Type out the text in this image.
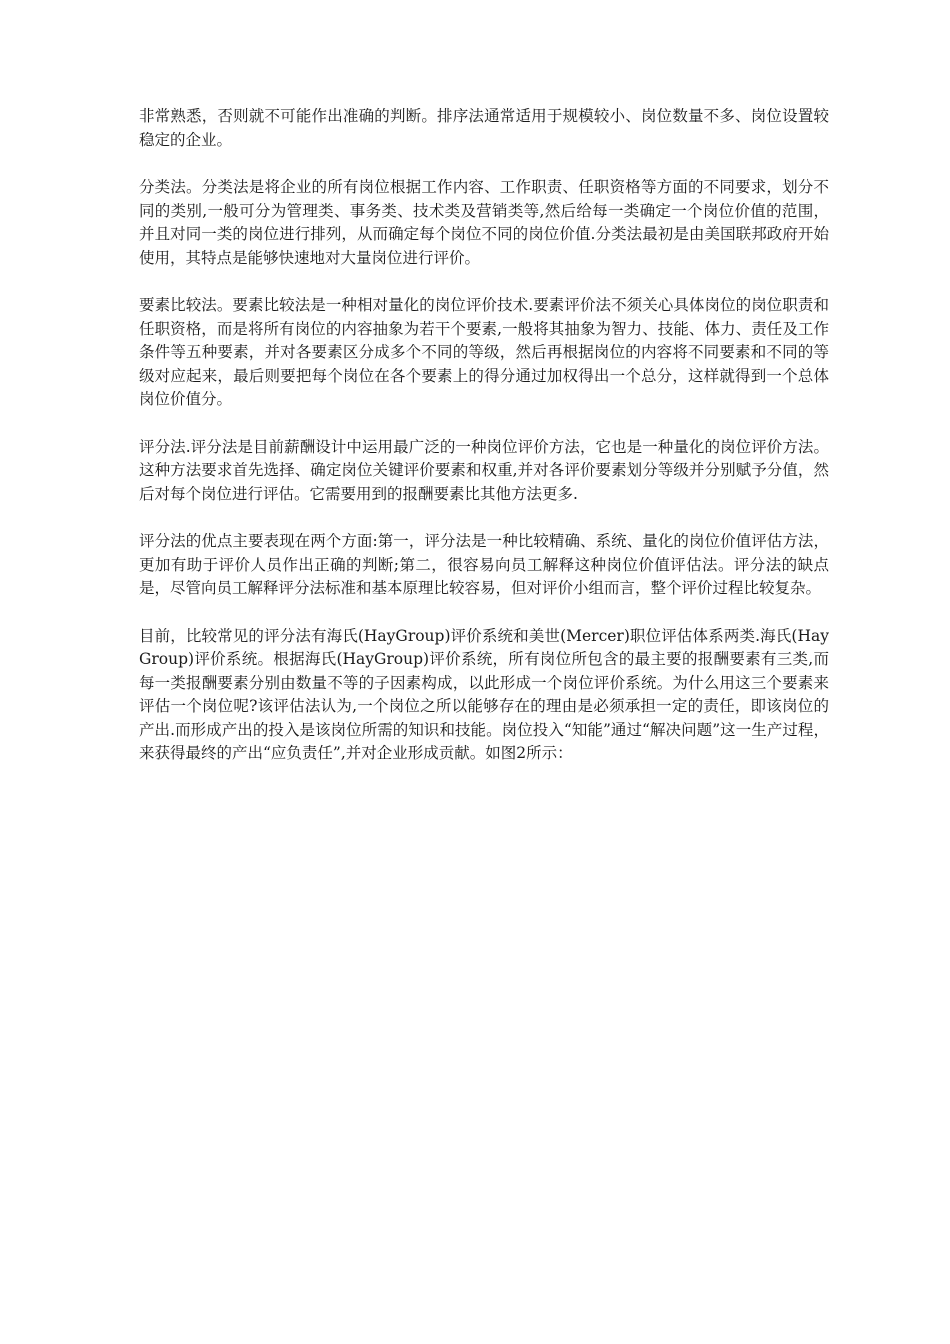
非常熟悉，否则就不可能作出准确的判断。排序法通常适用于规模较小、岗位数量不多、岗位设置较稳定的企业。

分类法。分类法是将企业的所有岗位根据工作内容、工作职责、任职资格等方面的不同要求，划分不同的类别,一般可分为管理类、事务类、技术类及营销类等,然后给每一类确定一个岗位价值的范围，并且对同一类的岗位进行排列，从而确定每个岗位不同的岗位价值.分类法最初是由美国联邦政府开始使用，其特点是能够快速地对大量岗位进行评价。

要素比较法。要素比较法是一种相对量化的岗位评价技术.要素评价法不须关心具体岗位的岗位职责和任职资格，而是将所有岗位的内容抽象为若干个要素,一般将其抽象为智力、技能、体力、责任及工作条件等五种要素，并对各要素区分成多个不同的等级，然后再根据岗位的内容将不同要素和不同的等级对应起来，最后则要把每个岗位在各个要素上的得分通过加权得出一个总分，这样就得到一个总体岗位价值分。

评分法.评分法是目前薪酬设计中运用最广泛的一种岗位评价方法，它也是一种量化的岗位评价方法。这种方法要求首先选择、确定岗位关键评价要素和权重,并对各评价要素划分等级并分别赋予分值，然后对每个岗位进行评估。它需要用到的报酬要素比其他方法更多.

评分法的优点主要表现在两个方面:第一，评分法是一种比较精确、系统、量化的岗位价值评估方法，更加有助于评价人员作出正确的判断;第二，很容易向员工解释这种岗位价值评估法。评分法的缺点是，尽管向员工解释评分法标准和基本原理比较容易，但对评价小组而言，整个评价过程比较复杂。

目前，比较常见的评分法有海氏(HayGroup)评价系统和美世(Mercer)职位评估体系两类.海氏(HayGroup)评价系统。根据海氏(HayGroup)评价系统，所有岗位所包含的最主要的报酬要素有三类,而每一类报酬要素分别由数量不等的子因素构成，以此形成一个岗位评价系统。为什么用这三个要素来评估一个岗位呢?该评估法认为,一个岗位之所以能够存在的理由是必须承担一定的责任，即该岗位的产出.而形成产出的投入是该岗位所需的知识和技能。岗位投入“知能”通过“解决问题”这一生产过程，来获得最终的产出“应负责任”,并对企业形成贡献。如图2所示：
